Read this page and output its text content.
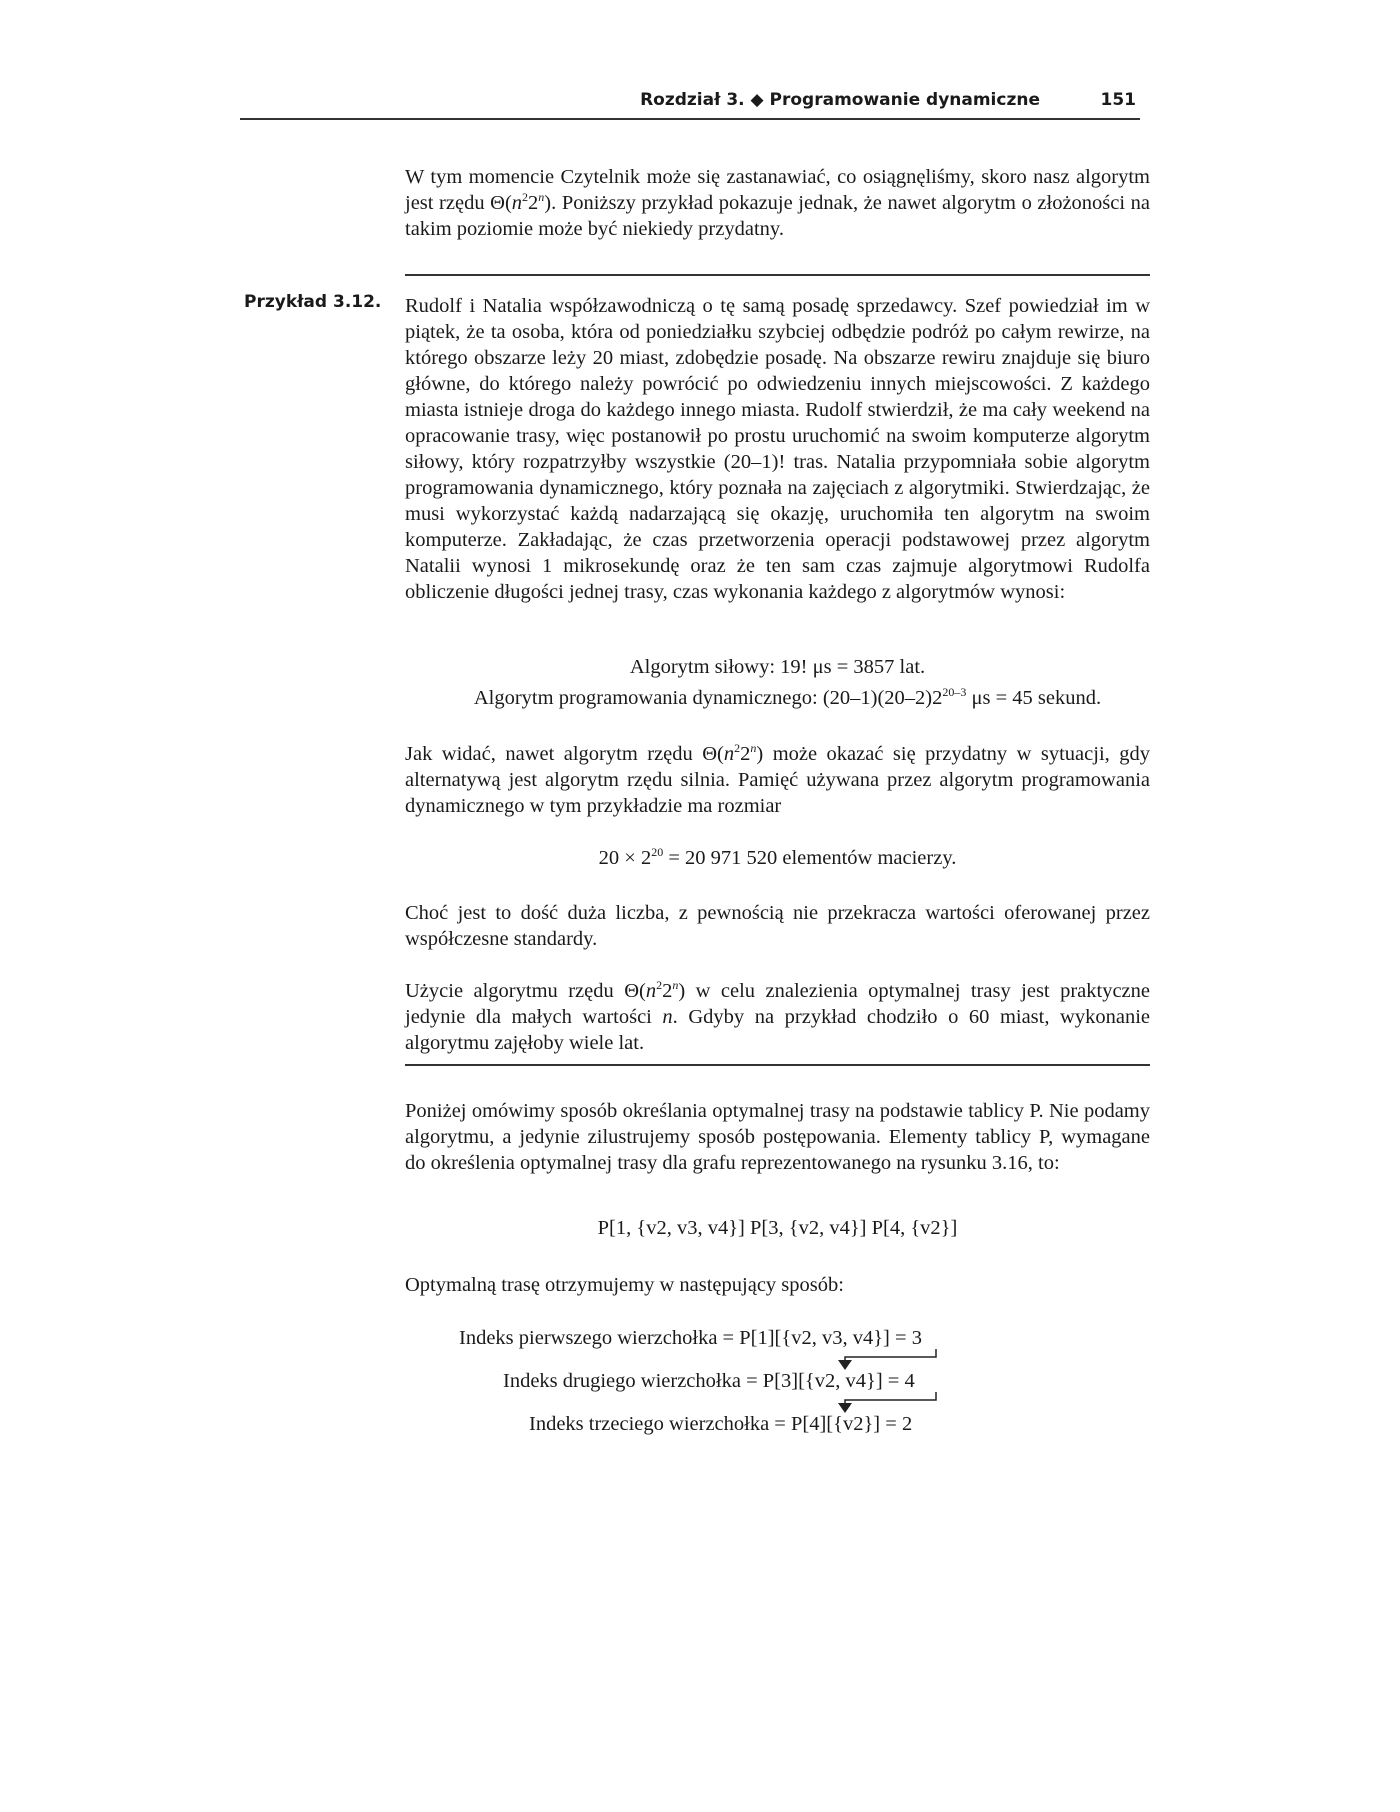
Rozdział 3. ◆ Programowanie dynamiczne	151
W tym momencie Czytelnik może się zastanawiać, co osiągnęliśmy, skoro nasz algorytm jest rzędu $\Theta(n^22^n)$. Poniższy przykład pokazuje jednak, że nawet algorytm o złożoności na takim poziomie może być niekiedy przydatny.
Przykład 3.12. Rudolf i Natalia współzawodniczą o tę samą posadę sprzedawcy. Szef powiedział im w piątek, że ta osoba, która od poniedziałku szybciej odbędzie podróż po całym rewirze, na którego obszarze leży 20 miast, zdobędzie posadę. Na obszarze rewiru znajduje się biuro główne, do którego należy powrócić po odwiedzeniu innych miejscowości. Z każdego miasta istnieje droga do każdego innego miasta. Rudolf stwierdził, że ma cały weekend na opracowanie trasy, więc postanowił po prostu uruchomić na swoim komputerze algorytm siłowy, który rozpatrzyłby wszystkie (20–1)! tras. Natalia przypomniała sobie algorytm programowania dynamicznego, który poznała na zajęciach z algorytmiki. Stwierdzając, że musi wykorzystać każdą nadarzającą się okazję, uruchomiła ten algorytm na swoim komputerze. Zakładając, że czas przetworzenia operacji podstawowej przez algorytm Natalii wynosi 1 mikrosekundę oraz że ten sam czas zajmuje algorytmowi Rudolfa obliczenie długości jednej trasy, czas wykonania każdego z algorytmów wynosi:
Algorytm siłowy: 19! μs = 3857 lat.
Algorytm programowania dynamicznego: (20–1)(20–2)2$^{20-3}$ μs = 45 sekund.
Jak widać, nawet algorytm rzędu $\Theta(n^22^n)$ może okazać się przydatny w sytuacji, gdy alternatywą jest algorytm rzędu silnia. Pamięć używana przez algorytm programowania dynamicznego w tym przykładzie ma rozmiar
$20 \times 2^{20} = 20$ 971 520 elementów macierzy.
Choć jest to dość duża liczba, z pewnością nie przekracza wartości oferowanej przez współczesne standardy.
Użycie algorytmu rzędu $\Theta(n^22^n)$ w celu znalezienia optymalnej trasy jest praktyczne jedynie dla małych wartości n. Gdyby na przykład chodziło o 60 miast, wykonanie algorytmu zajęłoby wiele lat.
Poniżej omówimy sposób określania optymalnej trasy na podstawie tablicy P. Nie podamy algorytmu, a jedynie zilustrujemy sposób postępowania. Elementy tablicy P, wymagane do określenia optymalnej trasy dla grafu reprezentowanego na rysunku 3.16, to:
P[1, {v2, v3, v4}] P[3, {v2, v4}] P[4, {v2}]
Optymalną trasę otrzymujemy w następujący sposób:
Indeks pierwszego wierzchołka = P[1][{v2, v3, v4}] = 3
Indeks drugiego wierzchołka = P[3][{v2, v4}] = 4
Indeks trzeciego wierzchołka = P[4][{v2}] = 2
